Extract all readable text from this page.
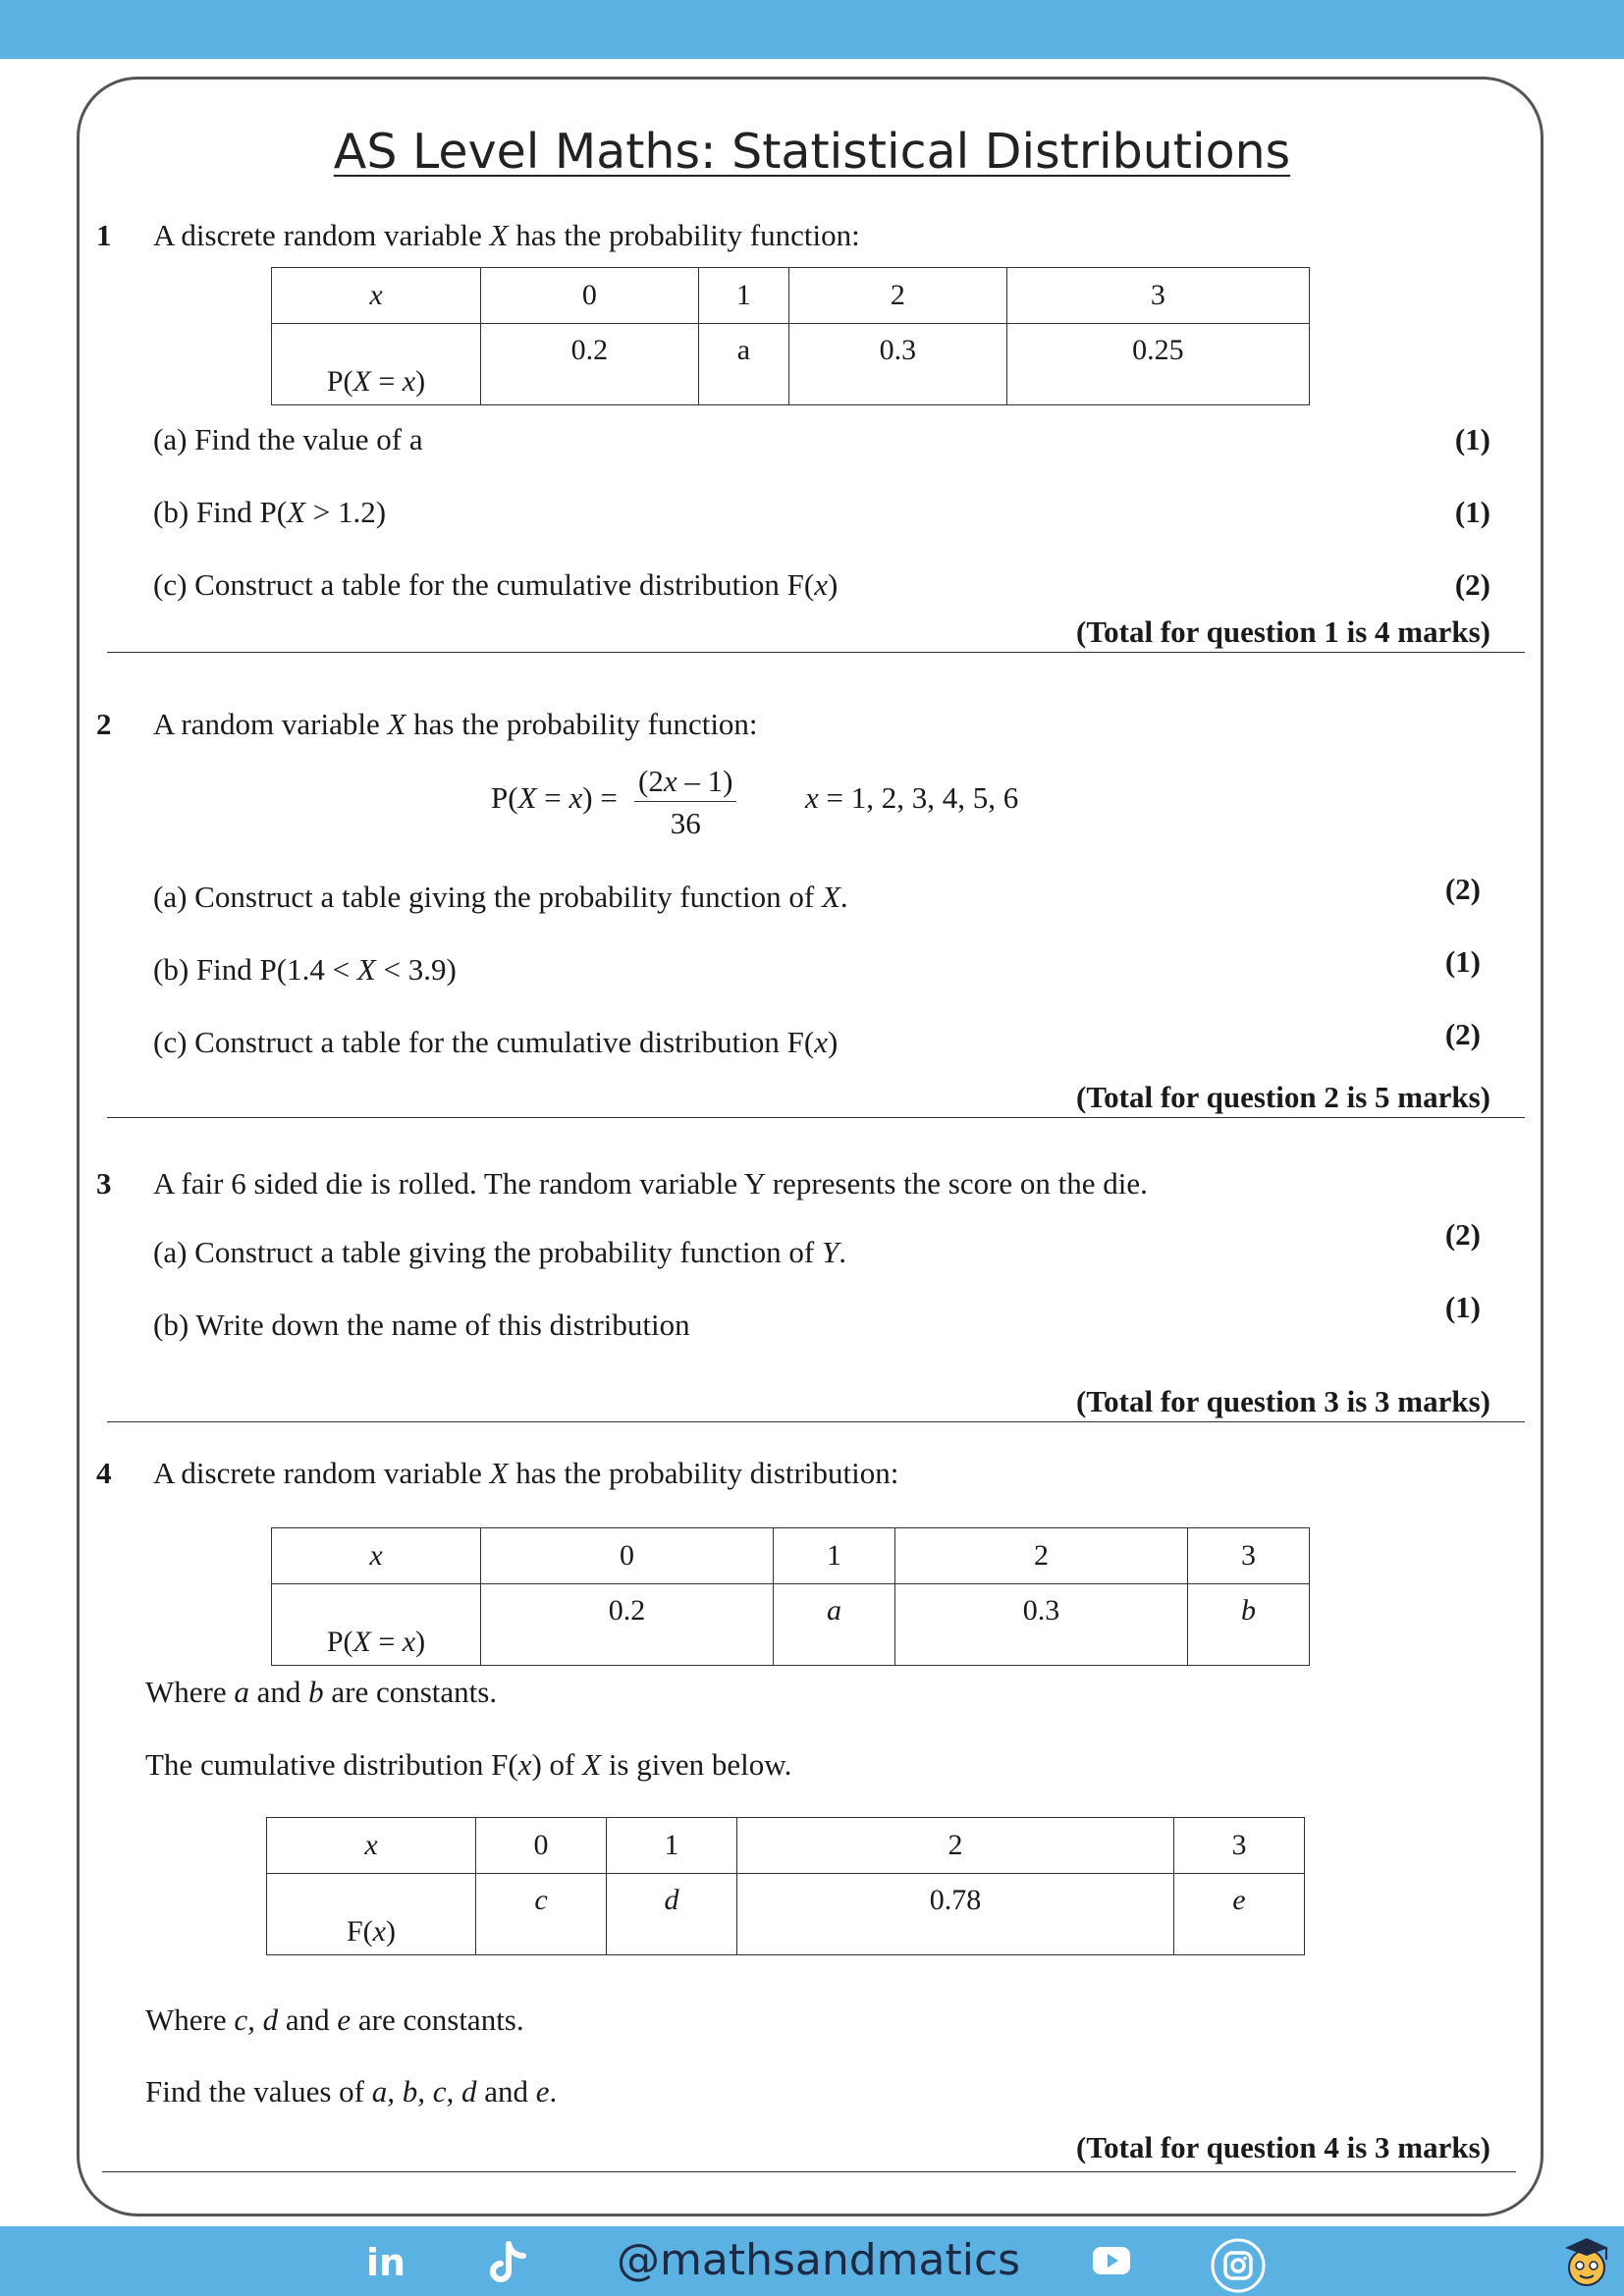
AS Level Maths: Statistical Distributions
1 A discrete random variable X has the probability function:
x	0	1	2	3
P(X = x)	0.2	a	0.3	0.25
(a) Find the value of a	(1)
(b) Find P(X > 1.2)	(1)
(c) Construct a table for the cumulative distribution F(x)	(2)
(Total for question 1 is 4 marks)
2 A random variable X has the probability function:
$P(X = x) = \frac{(2x - 1)}{36}$ x = 1, 2, 3, 4, 5, 6
(a) Construct a table giving the probability function of X.	(2)
(b) Find P(1.4 < X < 3.9)	(1)
(c) Construct a table for the cumulative distribution F(x)	(2)
(Total for question 2 is 5 marks)
3 A fair 6 sided die is rolled. The random variable Y represents the score on the die.
(a) Construct a table giving the probability function of Y.
(2)
(b) Write down the name of this distribution
(1)
(Total for question 3 is 3 marks)
4 A discrete random variable X has the probability distribution:
x	0	1	2	3
P(X = x)	0.2	a	0.3	b
Where a and b are constants.
The cumulative distribution F(x) of X is given below.
x	0	1	2	3
F(x)	c	d	0.78	e
Where c, d and e are constants.
Find the values of a, b, c, d and e.
(Total for question 4 is 3 marks)
in	@mathsandmatics
